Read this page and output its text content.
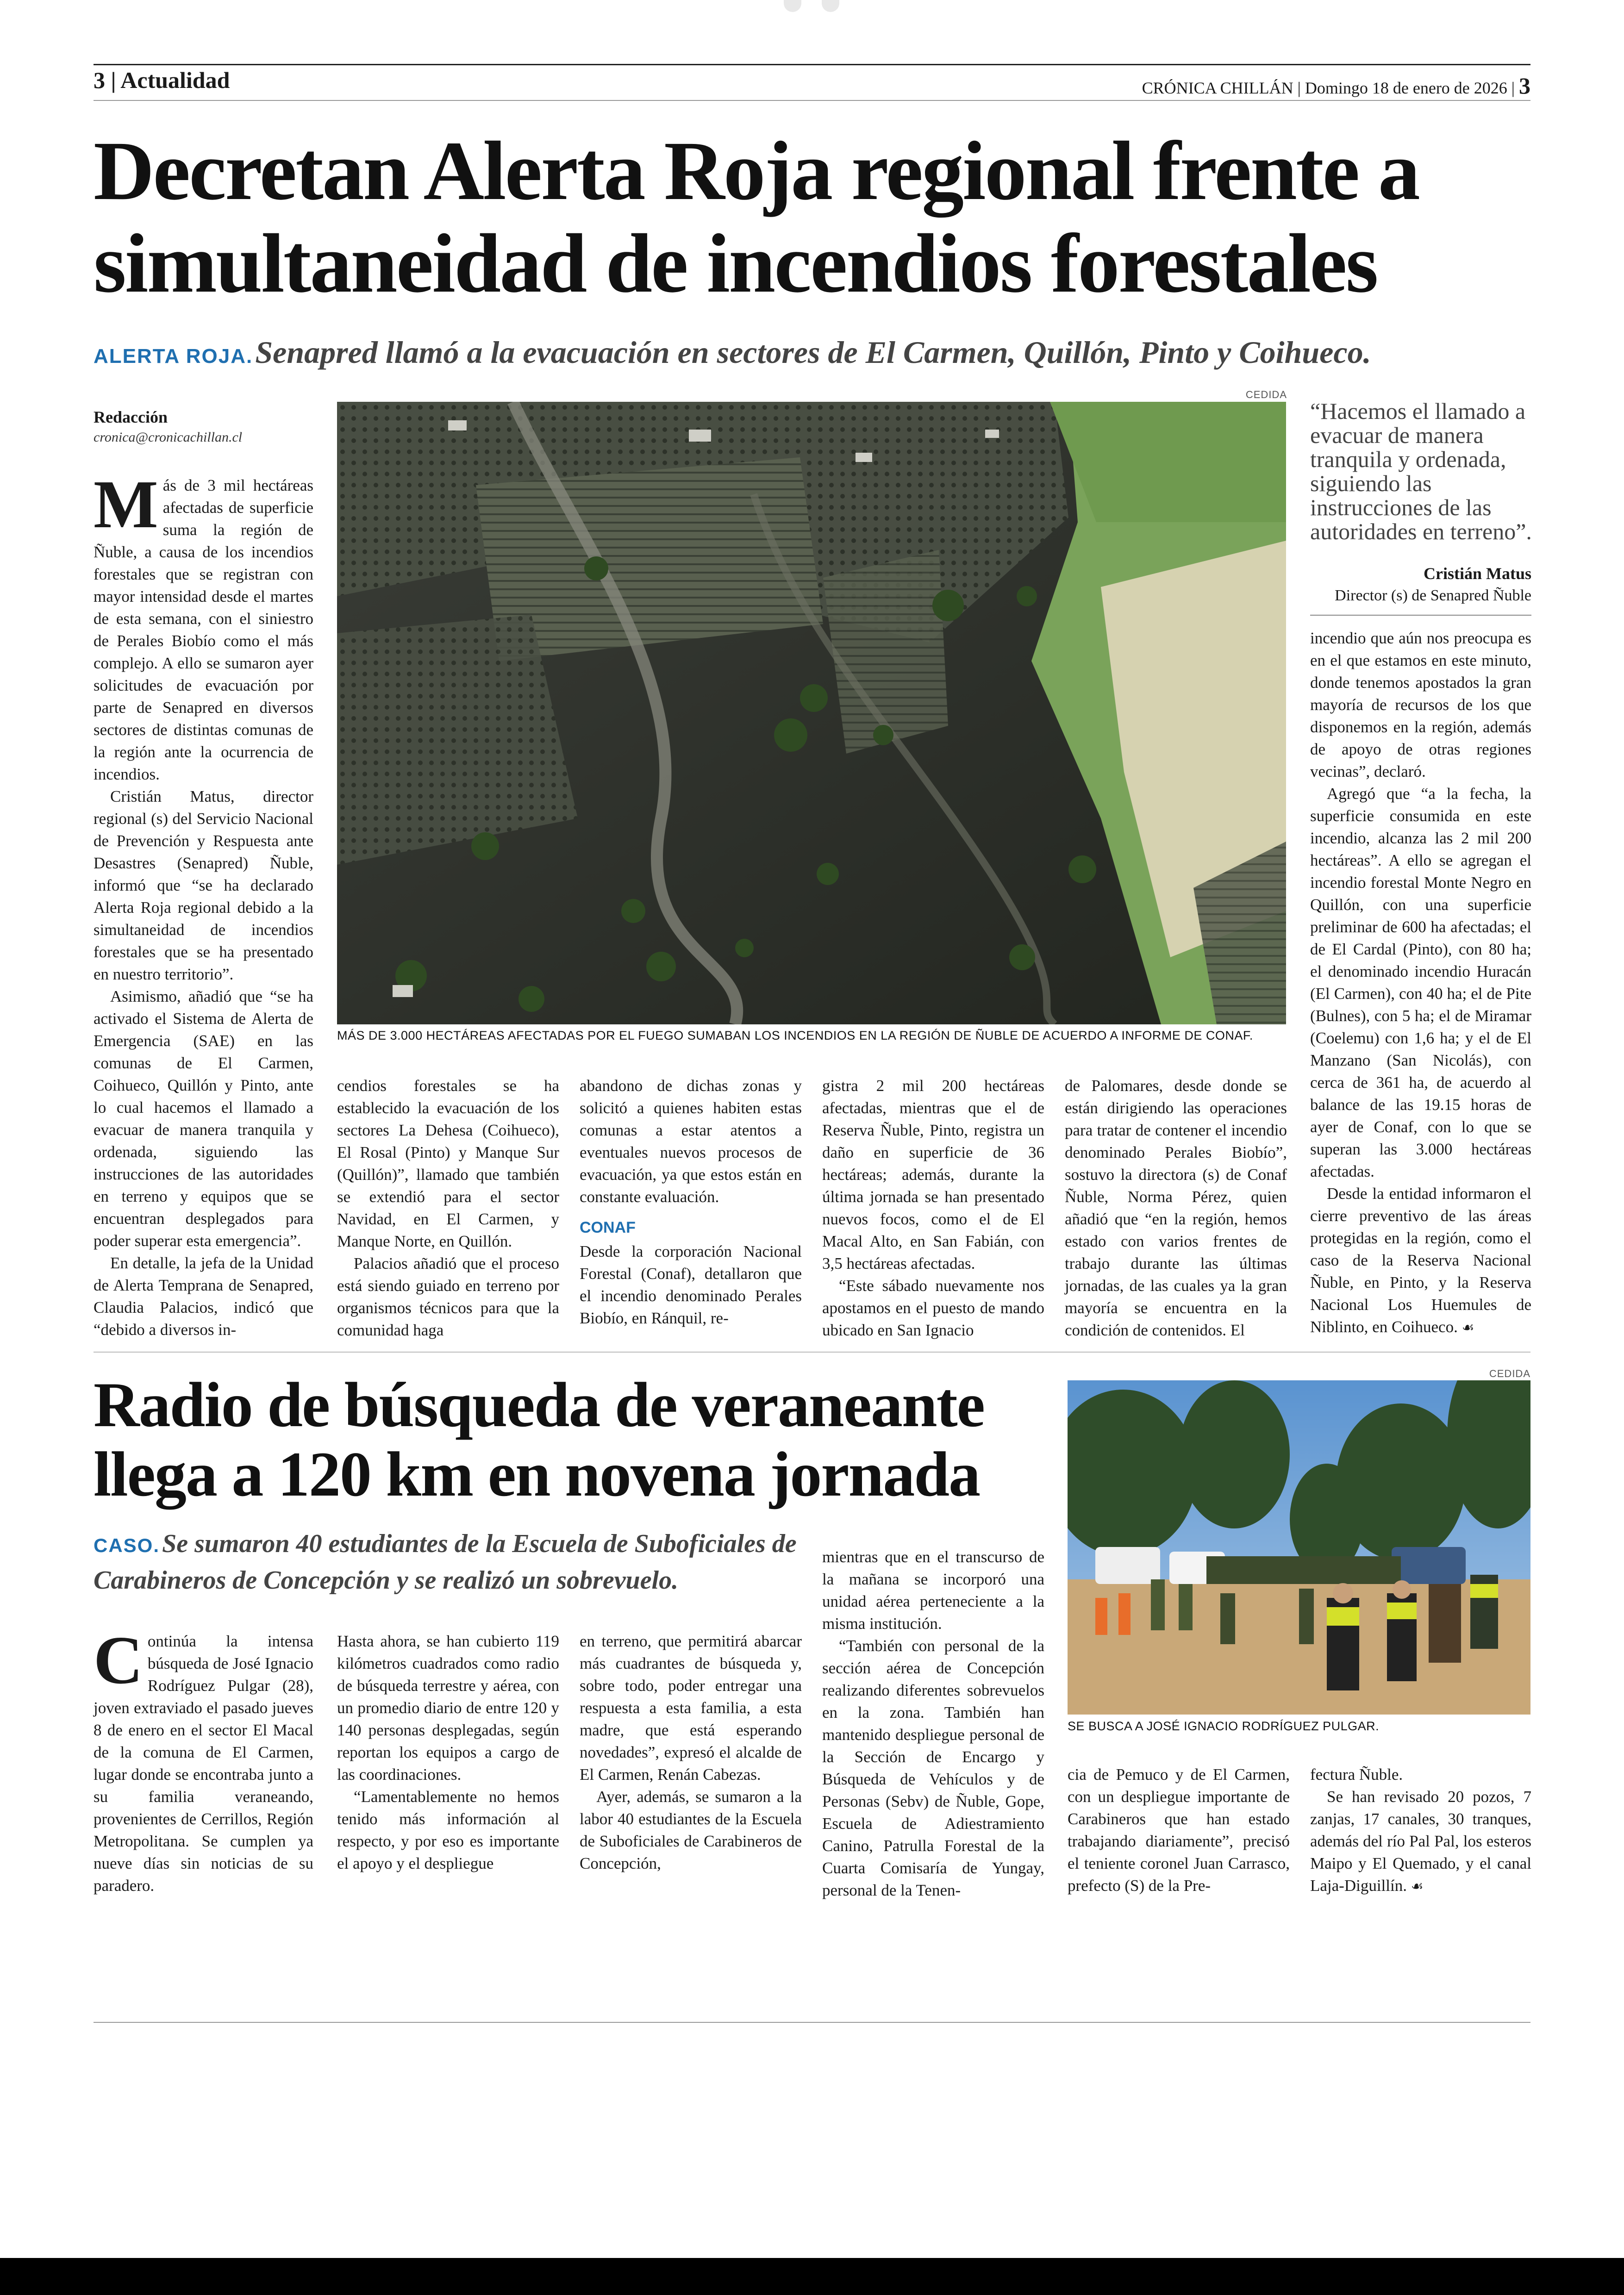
3 | Actualidad	CRÓNICA CHILLÁN | Domingo 18 de enero de 2026 | 3
Decretan Alerta Roja regional frente a
simultaneidad de incendios forestales
ALERTA ROJA. Senapred llamó a la evacuación en sectores de El Carmen, Quillón, Pinto y Coihueco.
Redacción
cronica@cronicachillan.cl

Más de 3 mil hectáreas afectadas de superficie suma la región de Ñuble, a causa de los incendios forestales que se registran con mayor intensidad desde el martes de esta semana, con el siniestro de Perales Biobío como el más complejo. A ello se sumaron ayer solicitudes de evacuación por parte de Senapred en diversos sectores de distintas comunas de la región ante la ocurrencia de incendios.

Cristián Matus, director regional (s) del Servicio Nacional de Prevención y Respuesta ante Desastres (Senapred) Ñuble, informó que “se ha declarado Alerta Roja regional debido a la simultaneidad de incendios forestales que se ha presentado en nuestro territorio”.

Asimismo, añadió que “se ha activado el Sistema de Alerta de Emergencia (SAE) en las comunas de El Carmen, Coihueco, Quillón y Pinto, ante lo cual hacemos el llamado a evacuar de manera tranquila y ordenada, siguiendo las instrucciones de las autoridades en terreno y equipos que se encuentran desplegados para poder superar esta emergencia”.

En detalle, la jefa de la Unidad de Alerta Temprana de Senapred, Claudia Palacios, indicó que “debido a diversos in-

CEDIDA
MÁS DE 3.000 HECTÁREAS AFECTADAS POR EL FUEGO SUMABAN LOS INCENDIOS EN LA REGIÓN DE ÑUBLE DE ACUERDO A INFORME DE CONAF.
“Hacemos el llamado a evacuar de manera tranquila y ordenada, siguiendo las instrucciones de las autoridades en terreno”.
Cristián Matus
Director (s) de Senapred Ñuble

cendios forestales se ha establecido la evacuación de los sectores La Dehesa (Coihueco), El Rosal (Pinto) y Manque Sur (Quillón)”, llamado que también se extendió para el sector Navidad, en El Carmen, y Manque Norte, en Quillón.

Palacios añadió que el proceso está siendo guiado en terreno por organismos técnicos para que la comunidad haga

abandono de dichas zonas y solicitó a quienes habiten estas comunas a estar atentos a eventuales nuevos procesos de evacuación, ya que estos están en constante evaluación.

CONAF

Desde la corporación Nacional Forestal (Conaf), detallaron que el incendio denominado Perales Biobío, en Ránquil, re-

gistra 2 mil 200 hectáreas afectadas, mientras que el de Reserva Ñuble, Pinto, registra un daño en superficie de 36 hectáreas; además, durante la última jornada se han presentado nuevos focos, como el de El Macal Alto, en San Fabián, con 3,5 hectáreas afectadas.

“Este sábado nuevamente nos apostamos en el puesto de mando ubicado en San Ignacio

de Palomares, desde donde se están dirigiendo las operaciones para tratar de contener el incendio denominado Perales Biobío”, sostuvo la directora (s) de Conaf Ñuble, Norma Pérez, quien añadió que “en la región, hemos estado con varios frentes de trabajo durante las últimas jornadas, de las cuales ya la gran mayoría se encuentra en la condición de contenidos. El

incendio que aún nos preocupa es en el que estamos en este minuto, donde tenemos apostados la gran mayoría de recursos de los que disponemos en la región, además de apoyo de otras regiones vecinas”, declaró.

Agregó que “a la fecha, la superficie consumida en este incendio, alcanza las 2 mil 200 hectáreas”. A ello se agregan el incendio forestal Monte Negro en Quillón, con una superficie preliminar de 600 ha afectadas; el de El Cardal (Pinto), con 80 ha; el denominado incendio Huracán (El Carmen), con 40 ha; el de Pite (Bulnes), con 5 ha; el de Miramar (Coelemu) con 1,6 ha; y el de El Manzano (San Nicolás), con cerca de 361 ha, de acuerdo al balance de las 19.15 horas de ayer de Conaf, con lo que se superan las 3.000 hectáreas afectadas.

Desde la entidad informaron el cierre preventivo de las áreas protegidas en la región, como el caso de la Reserva Nacional Ñuble, en Pinto, y la Reserva Nacional Los Huemules de Niblinto, en Coihueco. ☙

Radio de búsqueda de veraneante
llega a 120 km en novena jornada
CASO. Se sumaron 40 estudiantes de la Escuela de Suboficiales de Carabineros de Concepción y se realizó un sobrevuelo.
CEDIDA
SE BUSCA A JOSÉ IGNACIO RODRÍGUEZ PULGAR.

Continúa la intensa búsqueda de José Ignacio Rodríguez Pulgar (28), joven extraviado el pasado jueves 8 de enero en el sector El Macal de la comuna de El Carmen, lugar donde se encontraba junto a su familia veraneando, provenientes de Cerrillos, Región Metropolitana. Se cumplen ya nueve días sin noticias de su paradero.

Hasta ahora, se han cubierto 119 kilómetros cuadrados como radio de búsqueda terrestre y aérea, con un promedio diario de entre 120 y 140 personas desplegadas, según reportan los equipos a cargo de las coordinaciones.

“Lamentablemente no hemos tenido más información al respecto, y por eso es importante el apoyo y el despliegue

en terreno, que permitirá abarcar más cuadrantes de búsqueda y, sobre todo, poder entregar una respuesta a esta familia, a esta madre, que está esperando novedades”, expresó el alcalde de El Carmen, Renán Cabezas.

Ayer, además, se sumaron a la labor 40 estudiantes de la Escuela de Suboficiales de Carabineros de Concepción,

mientras que en el transcurso de la mañana se incorporó una unidad aérea perteneciente a la misma institución.

“También con personal de la sección aérea de Concepción realizando diferentes sobrevuelos en la zona. También han mantenido despliegue personal de la Sección de Encargo y Búsqueda de Vehículos y de Personas (Sebv) de Ñuble, Gope, Escuela de Adiestramiento Canino, Patrulla Forestal de la Cuarta Comisaría de Yungay, personal de la Tenen-

cia de Pemuco y de El Carmen, con un despliegue importante de Carabineros que han estado trabajando diariamente”, precisó el teniente coronel Juan Carrasco, prefecto (S) de la Pre-

fectura Ñuble.

Se han revisado 20 pozos, 7 zanjas, 17 canales, 30 tranques, además del río Pal Pal, los esteros Maipo y El Quemado, y el canal Laja-Diguillín. ☙
